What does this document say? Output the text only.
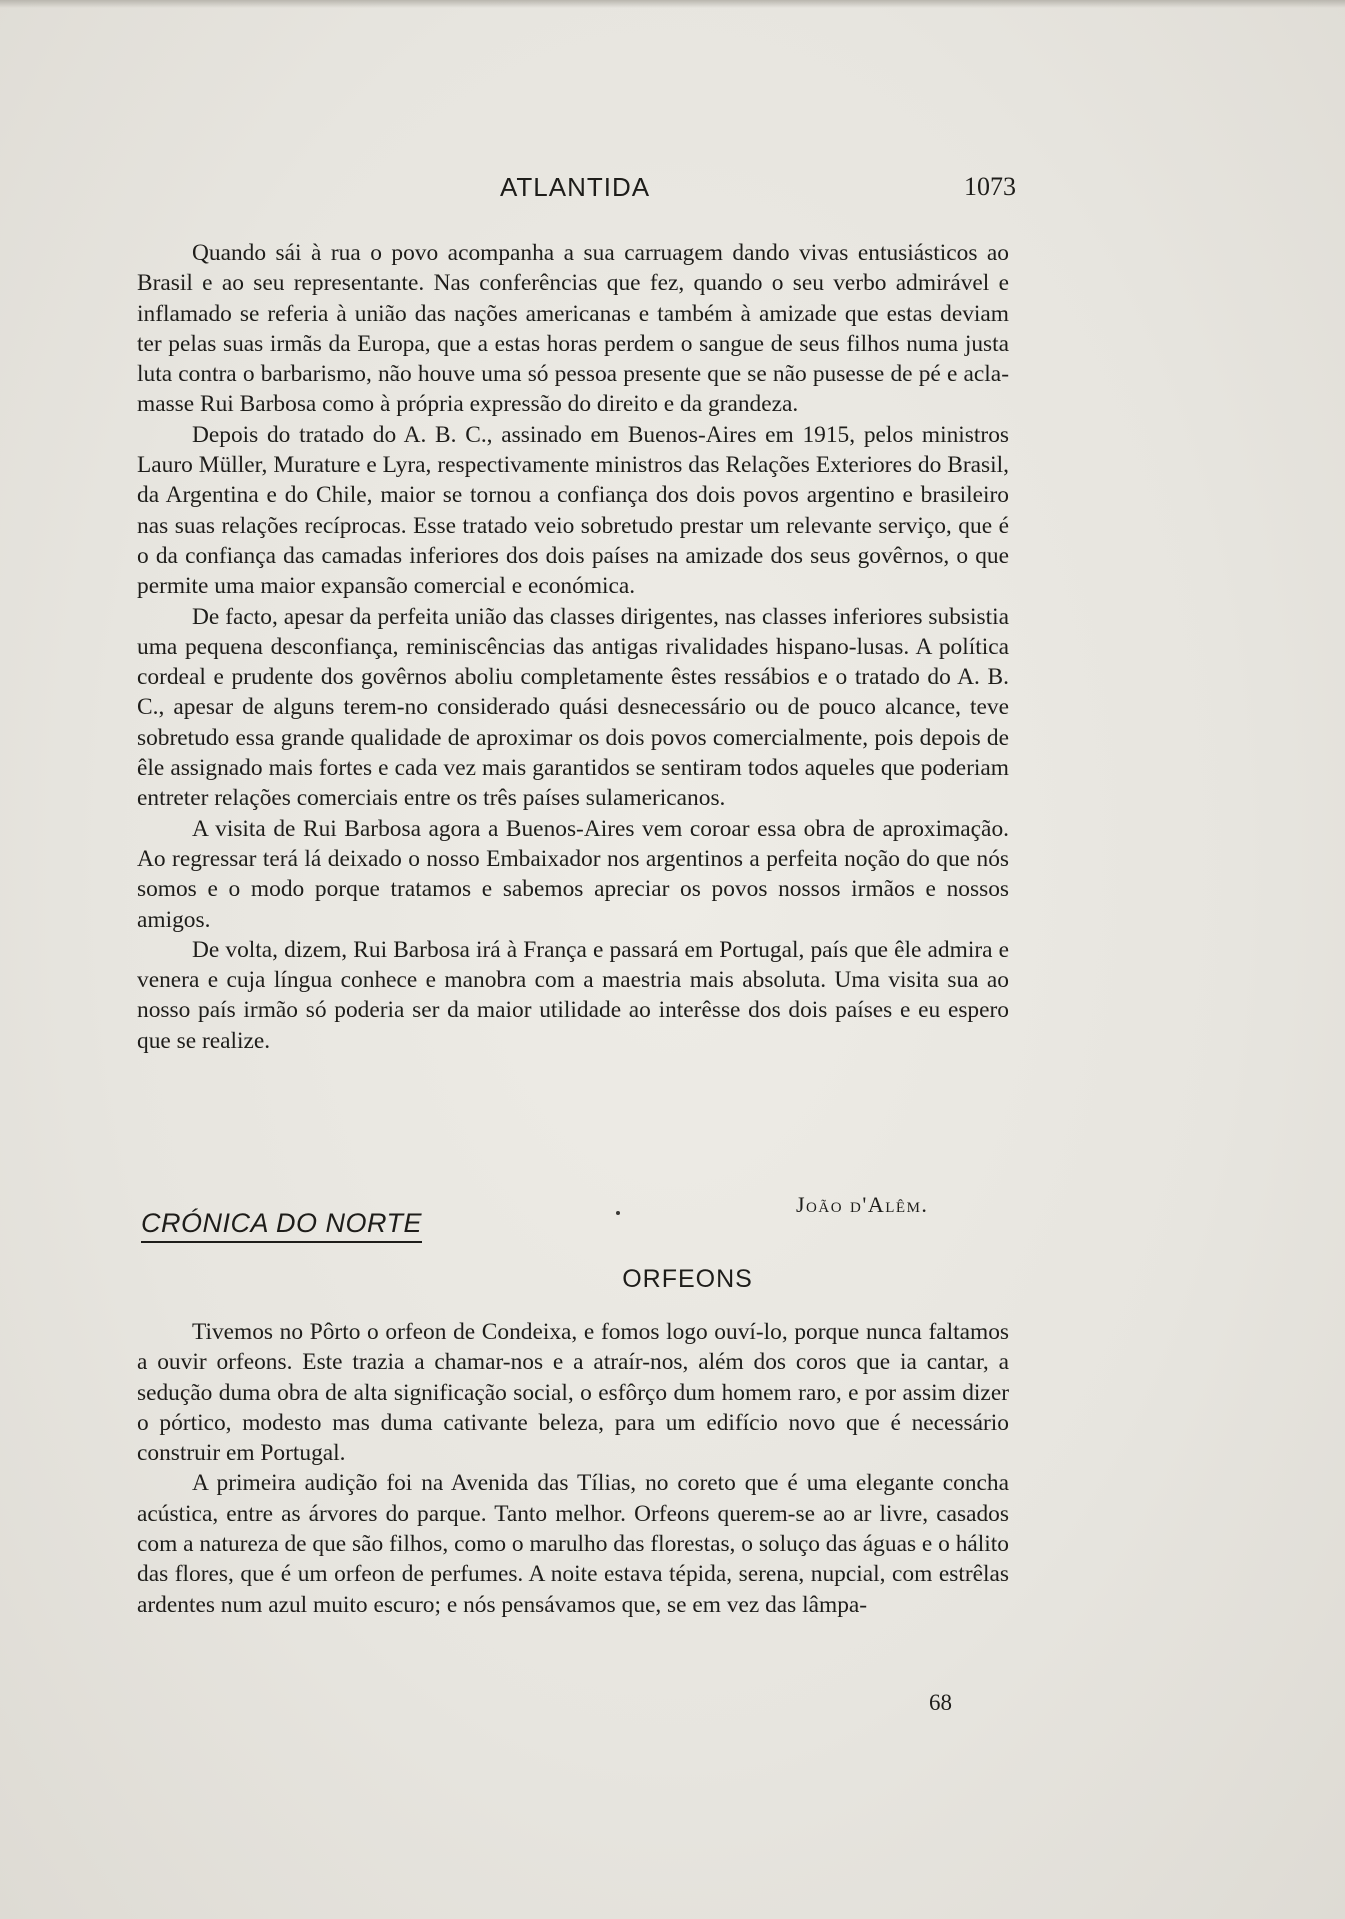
ATLANTIDA	1073

Quando sái à rua o povo acompanha a sua carruagem dando vivas entusiásticos ao Brasil e ao seu representante. Nas conferências que fez, quando o seu verbo admirável e inflamado se referia à união das nações americanas e também à amizade que estas deviam ter pelas suas irmãs da Europa, que a estas horas perdem o sangue de seus filhos numa justa luta contra o barbarismo, não houve uma só pessoa presente que se não pusesse de pé e aclamasse Rui Barbosa como à própria expressão do direito e da grandeza.

Depois do tratado do A. B. C., assinado em Buenos-Aires em 1915, pelos ministros Lauro Müller, Murature e Lyra, respectivamente ministros das Relações Exteriores do Brasil, da Argentina e do Chile, maior se tornou a confiança dos dois povos argentino e brasileiro nas suas relações recíprocas. Esse tratado veio sobretudo prestar um relevante serviço, que é o da confiança das camadas inferiores dos dois países na amizade dos seus govêrnos, o que permite uma maior expansão comercial e económica.

De facto, apesar da perfeita união das classes dirigentes, nas classes inferiores subsistia uma pequena desconfiança, reminiscências das antigas rivalidades hispano-lusas. A política cordeal e prudente dos govêrnos aboliu completamente êstes ressábios e o tratado do A. B. C., apesar de alguns terem-no considerado quási desnecessário ou de pouco alcance, teve sobretudo essa grande qualidade de aproximar os dois povos comercialmente, pois depois de êle assignado mais fortes e cada vez mais garantidos se sentiram todos aqueles que poderiam entreter relações comerciais entre os três países sulamericanos.

A visita de Rui Barbosa agora a Buenos-Aires vem coroar essa obra de aproximação. Ao regressar terá lá deixado o nosso Embaixador nos argentinos a perfeita noção do que nós somos e o modo porque tratamos e sabemos apreciar os povos nossos irmãos e nossos amigos.

De volta, dizem, Rui Barbosa irá à França e passará em Portugal, país que êle admira e venera e cuja língua conhece e manobra com a maestria mais absoluta. Uma visita sua ao nosso país irmão só poderia ser da maior utilidade ao interêsse dos dois países e eu espero que se realize.

João d'Alêm.
CRÓNICA DO NORTE
ORFEONS

Tivemos no Pôrto o orfeon de Condeixa, e fomos logo ouví-lo, porque nunca faltamos a ouvir orfeons. Este trazia a chamar-nos e a atraír-nos, além dos coros que ia cantar, a sedução duma obra de alta significação social, o esfôrço dum homem raro, e por assim dizer o pórtico, modesto mas duma cativante beleza, para um edifício novo que é necessário construir em Portugal.

A primeira audição foi na Avenida das Tílias, no coreto que é uma elegante concha acústica, entre as árvores do parque. Tanto melhor. Orfeons querem-se ao ar livre, casados com a natureza de que são filhos, como o marulho das florestas, o soluço das águas e o hálito das flores, que é um orfeon de perfumes. A noite estava tépida, serena, nupcial, com estrêlas ardentes num azul muito escuro; e nós pensávamos que, se em vez das lâmpa-

68
